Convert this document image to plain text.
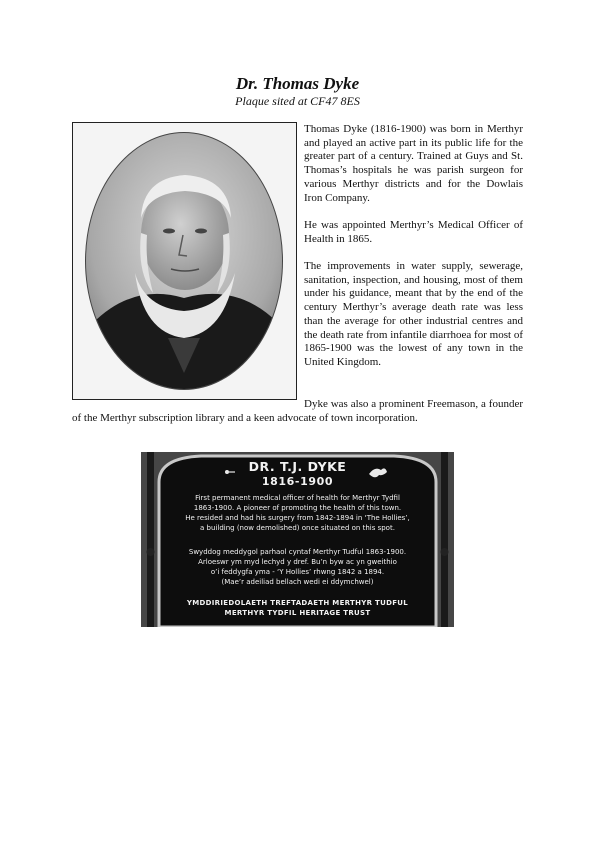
Dr. Thomas Dyke
Plaque sited at CF47 8ES

Thomas Dyke (1816-1900) was born in Merthyr and played an active part in its public life for the greater part of a century. Trained at Guys and St. Thomas’s hospitals he was parish surgeon for various Merthyr districts and for the Dowlais Iron Company.

He was appointed Merthyr’s Medical Officer of Health in 1865.

The improvements in water supply, sewerage, sanitation, inspection, and housing, most of them under his guidance, meant that by the end of the century Merthyr’s average death rate was less than the average for other industrial centres and the death rate from infantile diarrhoea for most of 1865-1900 was the lowest of any town in the United Kingdom.

Dyke was also a prominent Freemason, a founder of the Merthyr subscription library and a keen advocate of town incorporation.

DR. T.J. DYKE
1816-1900
First permanent medical officer of health for Merthyr Tydfil
1863-1900. A pioneer of promoting the health of this town.
He resided and had his surgery from 1842-1894 in ‘The Hollies’,
a building (now demolished) once situated on this spot.
Swyddog meddygol parhaol cyntaf Merthyr Tudful 1863-1900.
Arloeswr ym myd lechyd y dref. Bu’n byw ac yn gweithio
o’i feddygfa yma - ‘Y Hollies’ rhwng 1842 a 1894.
(Mae’r adeiliad bellach wedi ei ddymchwel)
YMDDIRIEDOLAETH TREFTADAETH MERTHYR TUDFUL
MERTHYR TYDFIL HERITAGE TRUST
